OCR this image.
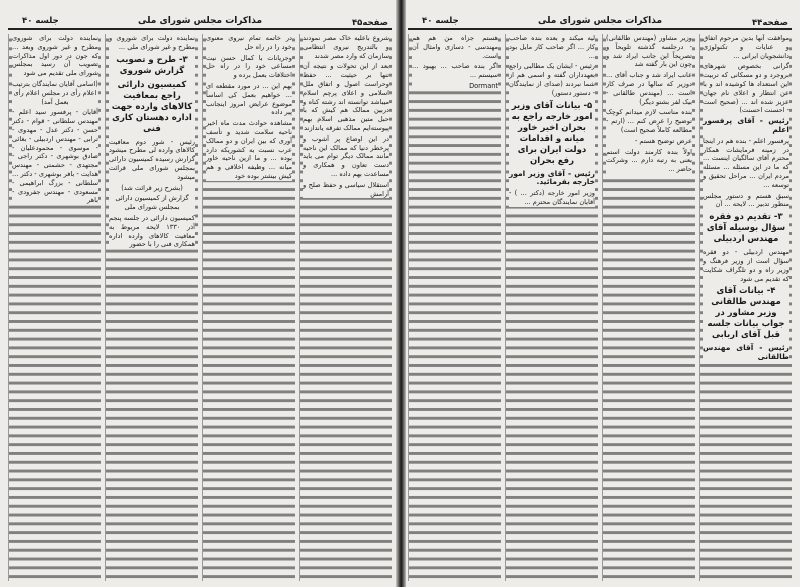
صفحه۴۵
مذاکرات مجلس شورای ملی
جلسه ۴۰

شروع باعلیه خاک مصر نمودند و بالتدریج نیروی انتظامی سازمان که وارد مصر شدند

بعد از این تحولات و نتیجه آن تنها بر حیثیت ... حفظ وحراست اصول و اتفاق ملل اسلامی و اعلای پرچم اسلام میباشد توانسته اند رشته کناه و دربین ممالک هم کیش که با حبل متین مذهبی اسلام بهم پیوسته‌ایم ممالک تفرقه یاندازند

در این اوضاع پر آشوب و پرخطر دنیا که ممالک این ناحیه مانند ممالک دیگر توام می باید دست تعاون و همکاری و مساعدت بهم داده ...

استقلال سیاسی و حفظ صلح و آرامش

در خاتمه تمام نیروی معنوی خود را در راه حل

وجریانات با کمال حسن نیت مساعی خود را در راه حل اختلافات بعمل برده و

بهم این ... در مورد مقطعه ای ... خواهیم بعمل کی اساساً موضوع عرایض امروز اینجانب پیر داده

مشاهده حوادث مدت ماه اخیر ناحیه سلامت شدید و تأسف آوری که بین ایران و دو ممالک عرب نسبت به کشوریکه دارد بوده ... و ما ازین ناحیه خاور میانه ... وظیفه اخلاقی و هم کیش بیشتر بوده خود

نماینده دولت برای شوروی و مطرح و غیر شورای ملی ...

۳- طرح و تصویب گزارش شوروی
کمیسیون دارائی راجع بمعافیت کالاهای وارده جهت اداره دهستان کاری فنی

رئیس - شور دوم معافیت کالاهای وارده لی مطرح میشود گزارش رسیده کمیسیون دارائی بمجلس شورای ملی قرائت میشود

(بشرح زیر قرائت شد)

گزارش از کمیسیون دارائی بمجلس شورای ملی

کمیسیون دارائی در جلسه پنجم آذر ۱۳۳۰ لایحه مربوط به معافیت کالاهای وارده اداره همکاری فنی را با حضور

نماینده دولت برای شوروی مطرح و غیر شوروی وبعد ... که جون در دور اول مذاکرات تصویب آن رسید بمجلس شورای ملی تقدیم می شود

(اسامی آقایان نمایندگان بترتیب اعلام رأی در مجلس اعلام رأی بعمل آمد)

آقایان - پرفسور سید اعلم - مهندس سلطانی - قوام - دکتر حسن - دکتر عدل - مهدوی - ترابی - مهندس اردبیلی - بغائی - موسوی - محمودعلیان - صادق بوشهری - دکتر راجی - مجتهدی - حشمتی - مهندس هدایت - بافر بوشهری - دکتر ... سلطانی - بزرگ ابراهیمی - مسعودی - مهندس جفرودی - باهر

صفحه۴۴
مذاکرات مجلس شورای ملی
جلسه ۴۰

موافقت آنها بدین مرحوم اتفاق و عنایات و تکنولوژی دانشجویان ایرانی ...

گرانی بخصوص شهرهای بروجرد و دو مسکانی که تربیت این استعداد ها کوشیده اند و با عن انتظار و اعلای نام جهان عزیز شده اند ... (صحیح است - احسنت احسنت)

رئیس - آقای پرفسور اعلم

پرفسور اعلم - بنده هم در اینجا در زمینه فرمایشات همکار محترم آقای سالگیان اینست ... که ما در این مسئله ... مسئله مردم ایران ... مراحل تحقیق و توسعه ...

سبق هستم و دستور مجلس منظور تدبیر ... لایحه ... آن

۳- تقدیم دو فقره سؤال بوسیله آقای مهندس اردبیلی

مهندس اردبیلی - دو فقره سؤال است از وزیر فرهنگ و وزیر راه و دو تلگراف شکایت که تقدیم می شود

۴- بیانات آقای مهندس طالقانی وزیر مشاور در جواب بیانات جلسه قبل آقای اربابی

رئیس - آقای مهندس طالقانی

وزیر مشاور (مهندس طالقانی) - درجلسه گذشته تلویحاً و تصریحاً این جانب ایراد شد و چون این بار گفته شد

عانب ایراد شد و جناب آقای ... دوزیر که سالها در صرف کار است ... (مهندس طالقانی - بیک لفر بشتو دیگر)

بنده مناسب لازم میدانم کوچک توضیح را عرض کنم ... (ارتم - مطالعه کاملاً صحیح است)

عرض توضیح هستم -

اولاً بنده کارمند دولت استم یعنی به رتبه دارم ... وشرکت حاضر ...

لیه میکند و بعده بنده صاحب کار ... اگر صاحب کار مایل بود ...

رئیس - ایشان یک مطالبی راجع بعهدداران گفته و اسمی هم از شما نبردند (صدای از نمایندگان - دستور دستور)

۵- بیانات آقای وزیر امور خارجه راجع به بحران اخیر خاور میانه و اقدامات دولت ایران برای رفع بحران

رئیس - آقای وزیر امور خارجه بفرمائید.

وزیر امور خارجه (دکتر ... ) - آقایان نمایندگان محترم ...

هستم جزاه من هم هم مهندسی - دسازی وامثال آن است.

اگر بنده صاحب ... بهبود ... سیستم ...

Dormant
